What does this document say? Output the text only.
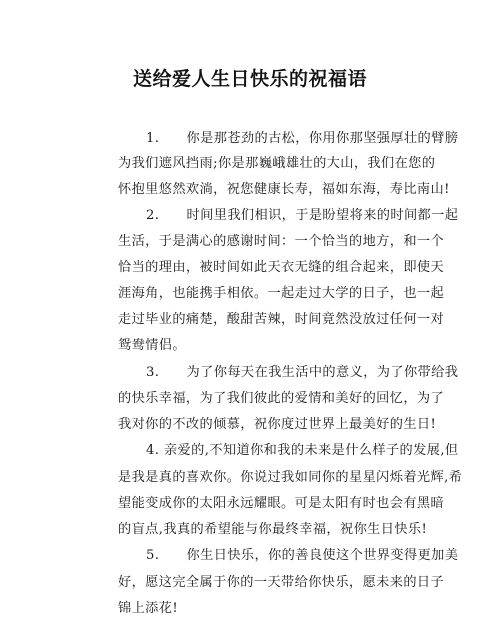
送给爱人生日快乐的祝福语
1.　　你是那苍劲的古松，你用你那坚强厚壮的臂膀
为我们遮风挡雨;你是那巍峨雄壮的大山，我们在您的
怀抱里悠然欢淌，祝您健康长寿，福如东海，寿比南山!
2.　　时间里我们相识，于是盼望将来的时间都一起
生活，于是满心的感谢时间：一个恰当的地方，和一个
恰当的理由，被时间如此天衣无缝的组合起来，即使天
涯海角，也能携手相依。一起走过大学的日子，也一起
走过毕业的痛楚，酸甜苦辣，时间竟然没放过任何一对
鸳鸯情侣。
3.　　为了你每天在我生活中的意义，为了你带给我
的快乐幸福，为了我们彼此的爱情和美好的回忆，为了
我对你的不改的倾慕，祝你度过世界上最美好的生日!
4. 亲爱的,不知道你和我的未来是什么样子的发展,但
是我是真的喜欢你。你说过我如同你的星星闪烁着光辉,希
望能变成你的太阳永远耀眼。可是太阳有时也会有黑暗
的盲点,我真的希望能与你最终幸福，祝你生日快乐!
5.　　你生日快乐，你的善良使这个世界变得更加美
好，愿这完全属于你的一天带给你快乐，愿未来的日子
锦上添花!
